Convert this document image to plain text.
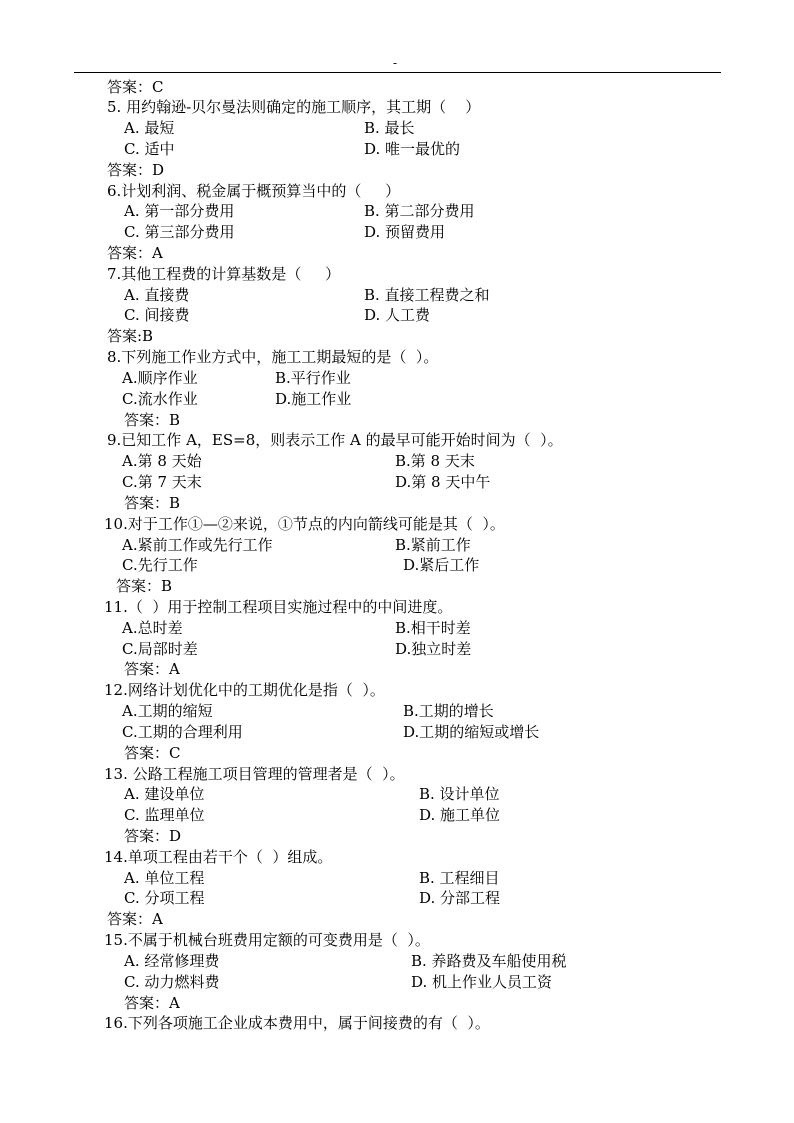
-
答案：C
5. 用约翰逊-贝尔曼法则确定的施工顺序，其工期（    ）
A. 最短	B. 最长
C. 适中	D. 唯一最优的
答案：D
6.计划利润、税金属于概预算当中的（     ）
A. 第一部分费用	B. 第二部分费用
C. 第三部分费用	D. 预留费用
答案：A
7.其他工程费的计算基数是（     ）
A. 直接费	B. 直接工程费之和
C. 间接费	D. 人工费
答案:B
8.下列施工作业方式中，施工工期最短的是（  ）。
A.顺序作业	B.平行作业
C.流水作业	D.施工作业
答案：B
9.已知工作 A，ES=8，则表示工作 A 的最早可能开始时间为（  ）。
A.第 8 天始	B.第 8 天末
C.第 7 天末	D.第 8 天中午
答案：B
10.对于工作①—②来说，①节点的内向箭线可能是其（  ）。
A.紧前工作或先行工作	B.紧前工作
C.先行工作	D.紧后工作
答案：B
11.（  ）用于控制工程项目实施过程中的中间进度。
A.总时差	B.相干时差
C.局部时差	D.独立时差
答案：A
12.网络计划优化中的工期优化是指（  ）。
A.工期的缩短	B.工期的增长
C.工期的合理利用	D.工期的缩短或增长
答案：C
13. 公路工程施工项目管理的管理者是（  ）。
A. 建设单位	B. 设计单位
C. 监理单位	D. 施工单位
答案：D
14.单项工程由若干个（  ）组成。
A. 单位工程	B. 工程细目
C. 分项工程	D. 分部工程
答案：A
15.不属于机械台班费用定额的可变费用是（  ）。
A. 经常修理费	B. 养路费及车船使用税
C. 动力燃料费	D. 机上作业人员工资
答案：A
16.下列各项施工企业成本费用中，属于间接费的有（  ）。
